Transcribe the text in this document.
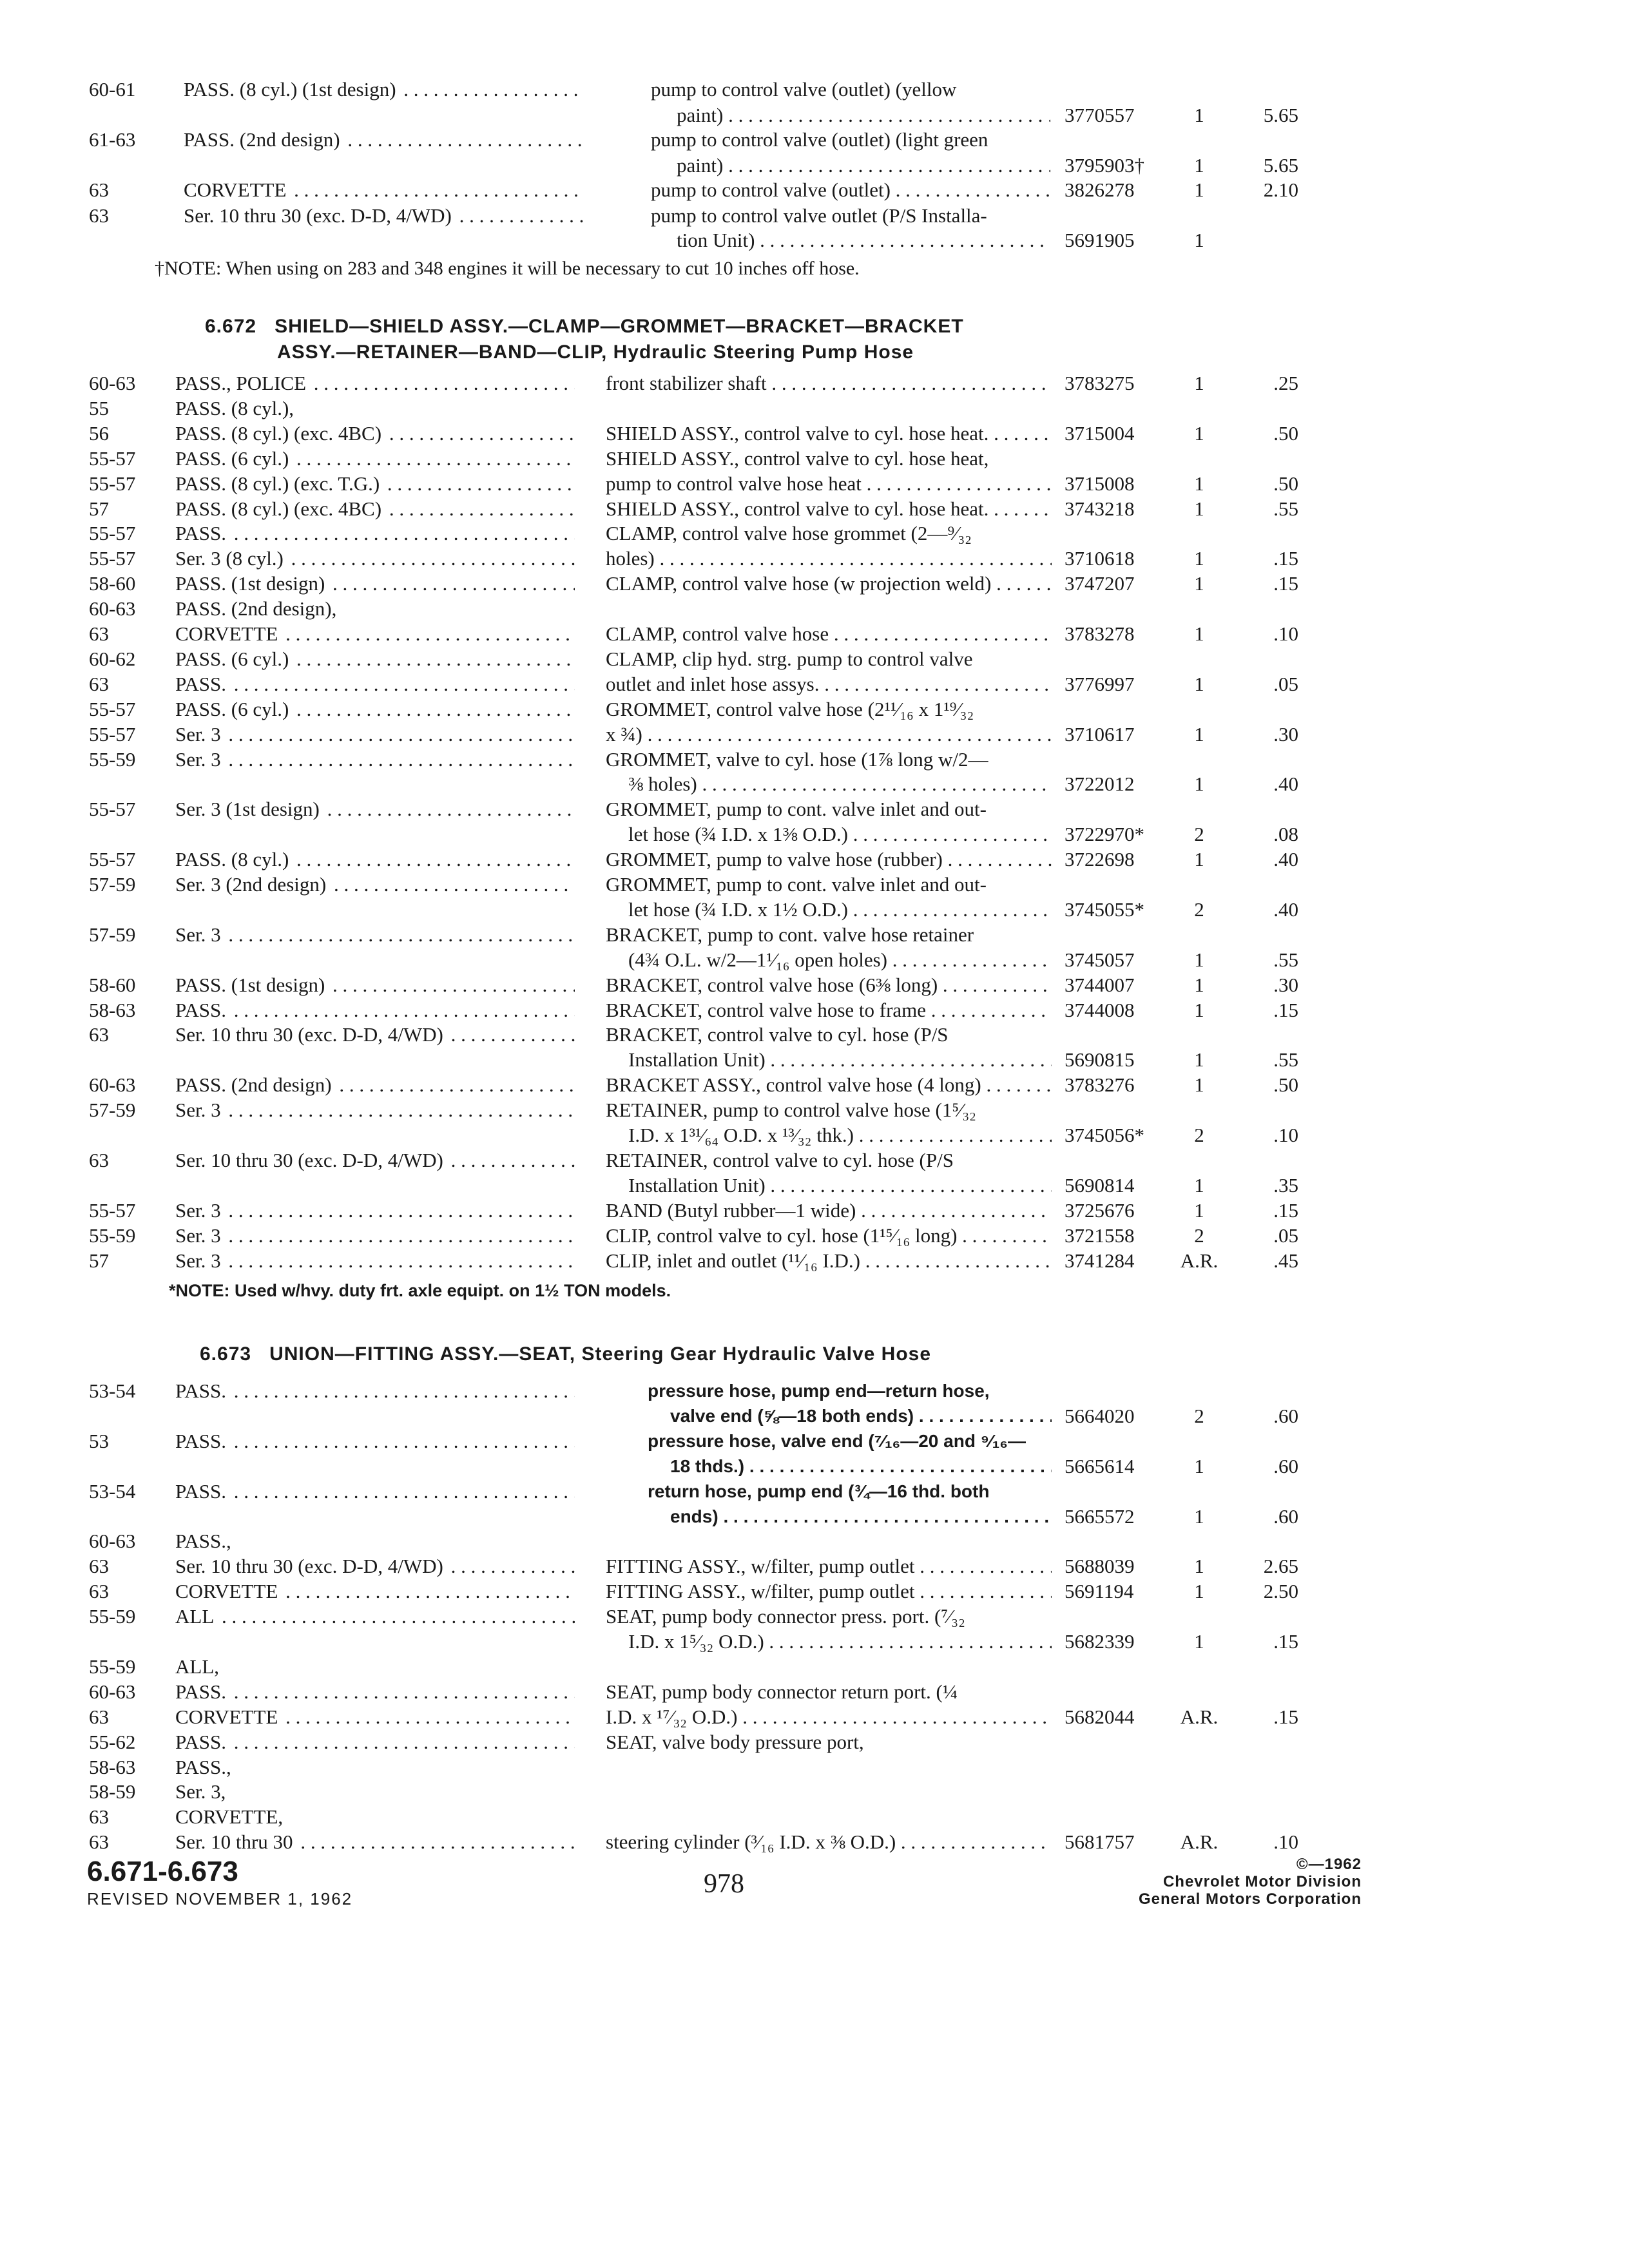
60-61	PASS. (8 cyl.) (1st design) . . .	pump to control valve (outlet) (yellow
paint) . . .	3770557	1	5.65
61-63	PASS. (2nd design) . . .	pump to control valve (outlet) (light green
paint) . . .	3795903†	1	5.65
63	CORVETTE . . .	pump to control valve (outlet) . . .	3826278	1	2.10
63	Ser. 10 thru 30 (exc. D-D, 4/WD) . . .	pump to control valve outlet (P/S Installa-
tion Unit) . . .	5691905	1
†NOTE: When using on 283 and 348 engines it will be necessary to cut 10 inches off hose.
6.672 SHIELD—SHIELD ASSY.—CLAMP—GROMMET—BRACKET—BRACKET
ASSY.—RETAINER—BAND—CLIP, Hydraulic Steering Pump Hose
60-63	PASS., POLICE . . .	front stabilizer shaft . . .	3783275	1	.25
55	PASS. (8 cyl.),
56	PASS. (8 cyl.) (exc. 4BC) . . .	SHIELD ASSY., control valve to cyl. hose heat. . . .	3715004	1	.50
55-57	PASS. (6 cyl.) . . .	SHIELD ASSY., control valve to cyl. hose heat,
55-57	PASS. (8 cyl.) (exc. T.G.) . . .	pump to control valve hose heat . . .	3715008	1	.50
57	PASS. (8 cyl.) (exc. 4BC) . . .	SHIELD ASSY., control valve to cyl. hose heat. . . .	3743218	1	.55
55-57	PASS. . . .	CLAMP, control valve hose grommet (2—⁹⁄₃₂
55-57	Ser. 3 (8 cyl.) . . .	holes) . . .	3710618	1	.15
58-60	PASS. (1st design) . . .	CLAMP, control valve hose (w projection weld) . . .	3747207	1	.15
60-63	PASS. (2nd design),
63	CORVETTE . . .	CLAMP, control valve hose . . .	3783278	1	.10
60-62	PASS. (6 cyl.) . . .	CLAMP, clip hyd. strg. pump to control valve
63	PASS. . . .	outlet and inlet hose assys. . . .	3776997	1	.05
55-57	PASS. (6 cyl.) . . .	GROMMET, control valve hose (2¹¹⁄₁₆ x 1¹⁹⁄₃₂
55-57	Ser. 3 . . .	x ¾) . . .	3710617	1	.30
55-59	Ser. 3 . . .	GROMMET, valve to cyl. hose (1⅞ long w/2—
⅜ holes) . . .	3722012	1	.40
55-57	Ser. 3 (1st design) . . .	GROMMET, pump to cont. valve inlet and out-
let hose (¾ I.D. x 1⅜ O.D.) . . .	3722970*	2	.08
55-57	PASS. (8 cyl.) . . .	GROMMET, pump to valve hose (rubber) . . .	3722698	1	.40
57-59	Ser. 3 (2nd design) . . .	GROMMET, pump to cont. valve inlet and out-
let hose (¾ I.D. x 1½ O.D.) . . .	3745055*	2	.40
57-59	Ser. 3 . . .	BRACKET, pump to cont. valve hose retainer
(4¾ O.L. w/2—1¹⁄₁₆ open holes) . . .	3745057	1	.55
58-60	PASS. (1st design) . . .	BRACKET, control valve hose (6⅜ long) . . .	3744007	1	.30
58-63	PASS. . . .	BRACKET, control valve hose to frame . . .	3744008	1	.15
63	Ser. 10 thru 30 (exc. D-D, 4/WD) . . .	BRACKET, control valve to cyl. hose (P/S
Installation Unit) . . .	5690815	1	.55
60-63	PASS. (2nd design) . . .	BRACKET ASSY., control valve hose (4 long) . . .	3783276	1	.50
57-59	Ser. 3 . . .	RETAINER, pump to control valve hose (1⁵⁄₃₂
I.D. x 1³¹⁄₆₄ O.D. x ¹³⁄₃₂ thk.) . . .	3745056*	2	.10
63	Ser. 10 thru 30 (exc. D-D, 4/WD) . . .	RETAINER, control valve to cyl. hose (P/S
Installation Unit) . . .	5690814	1	.35
55-57	Ser. 3 . . .	BAND (Butyl rubber—1 wide) . . .	3725676	1	.15
55-59	Ser. 3 . . .	CLIP, control valve to cyl. hose (1¹⁵⁄₁₆ long) . . .	3721558	2	.05
57	Ser. 3 . . .	CLIP, inlet and outlet (¹¹⁄₁₆ I.D.) . . .	3741284	A.R.	.45
*NOTE: Used w/hvy. duty frt. axle equipt. on 1½ TON models.
6.673 UNION—FITTING ASSY.—SEAT, Steering Gear Hydraulic Valve Hose
53-54	PASS. . . .	pressure hose, pump end—return hose,
valve end (⅝—18 both ends) . . .	5664020	2	.60
53	PASS. . . .	pressure hose, valve end (⁷⁄₁₆—20 and ⁹⁄₁₆—
18 thds.) . . .	5665614	1	.60
53-54	PASS. . . .	return hose, pump end (¾—16 thd. both
ends) . . .	5665572	1	.60
60-63	PASS.,
63	Ser. 10 thru 30 (exc. D-D, 4/WD) . . .	FITTING ASSY., w/filter, pump outlet . . .	5688039	1	2.65
63	CORVETTE . . .	FITTING ASSY., w/filter, pump outlet . . .	5691194	1	2.50
55-59	ALL . . .	SEAT, pump body connector press. port. (⁷⁄₃₂
I.D. x 1⁵⁄₃₂ O.D.) . . .	5682339	1	.15
55-59	ALL,
60-63	PASS. . . .	SEAT, pump body connector return port. (¼
63	CORVETTE . . .	I.D. x ¹⁷⁄₃₂ O.D.) . . .	5682044	A.R.	.15
55-62	PASS. . . .	SEAT, valve body pressure port,
58-63	PASS.,
58-59	Ser. 3,
63	CORVETTE,
63	Ser. 10 thru 30 . . .	steering cylinder (³⁄₁₆ I.D. x ⅜ O.D.) . . .	5681757	A.R.	.10
6.671-6.673
REVISED NOVEMBER 1, 1962	978
©—1962
Chevrolet Motor Division
General Motors Corporation
